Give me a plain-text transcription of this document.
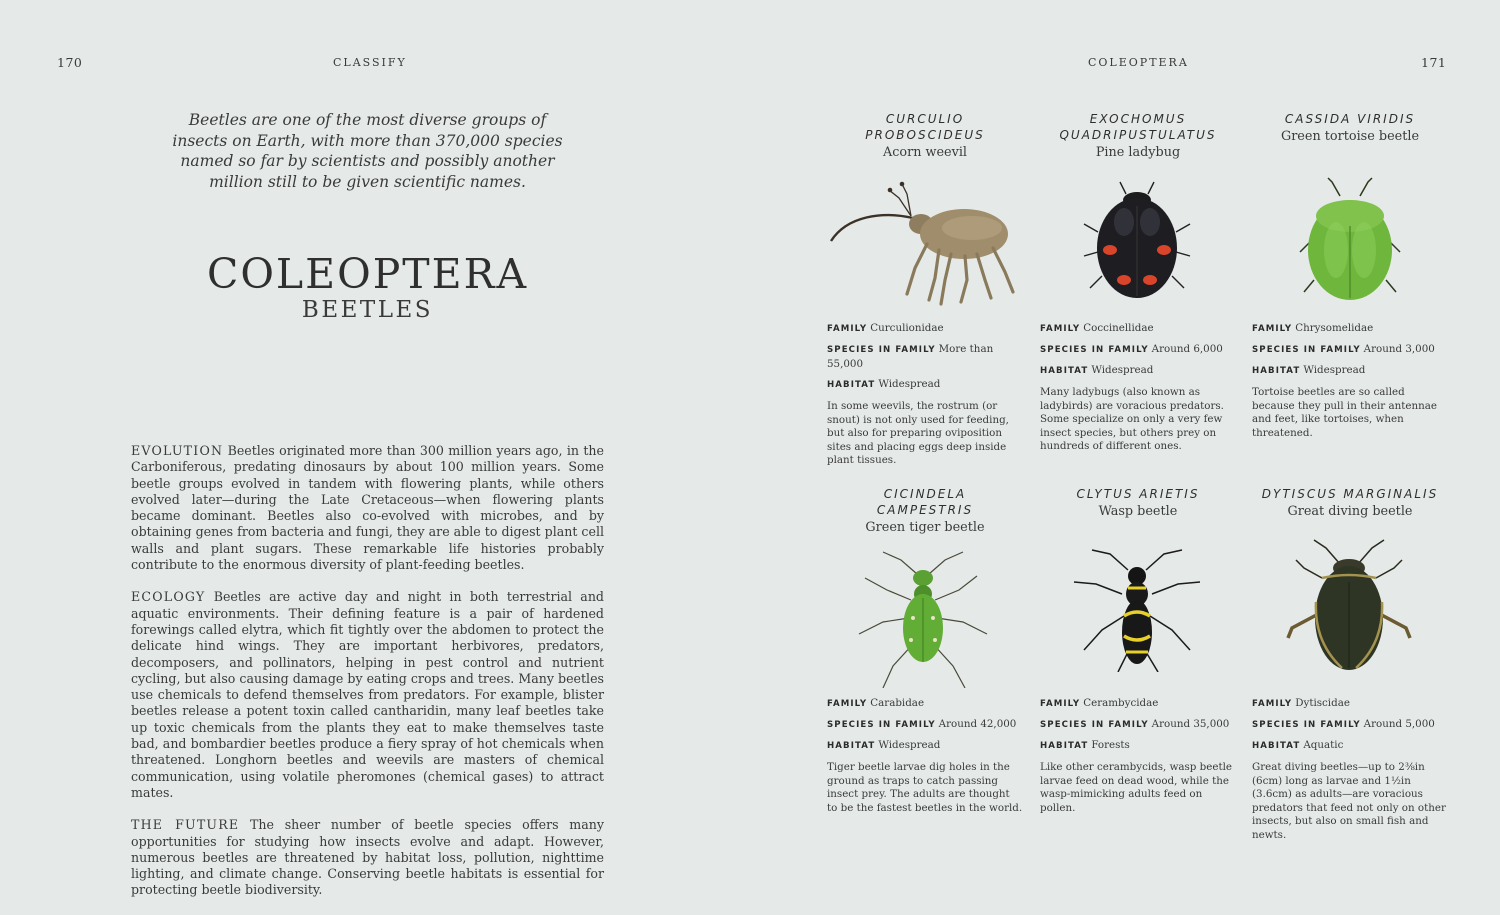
170	CLASSIFY	COLEOPTERA	171
Beetles are one of the most diverse groups of insects on Earth, with more than 370,000 species named so far by scientists and possibly another million still to be given scientific names.
COLEOPTERA
BEETLES

EVOLUTION Beetles originated more than 300 million years ago, in the Carboniferous, predating dinosaurs by about 100 million years. Some beetle groups evolved in tandem with flowering plants, while others evolved later—during the Late Cretaceous—when flowering plants became dominant. Beetles also co-evolved with microbes, and by obtaining genes from bacteria and fungi, they are able to digest plant cell walls and plant sugars. These remarkable life histories probably contribute to the enormous diversity of plant-feeding beetles.

ECOLOGY Beetles are active day and night in both terrestrial and aquatic environments. Their defining feature is a pair of hardened forewings called elytra, which fit tightly over the abdomen to protect the delicate hind wings. They are important herbivores, predators, decomposers, and pollinators, helping in pest control and nutrient cycling, but also causing damage by eating crops and trees. Many beetles use chemicals to defend themselves from predators. For example, blister beetles release a potent toxin called cantharidin, many leaf beetles take up toxic chemicals from the plants they eat to make themselves taste bad, and bombardier beetles produce a fiery spray of hot chemicals when threatened. Longhorn beetles and weevils are masters of chemical communication, using volatile pheromones (chemical gases) to attract mates.

THE FUTURE The sheer number of beetle species offers many opportunities for studying how insects evolve and adapt. However, numerous beetles are threatened by habitat loss, pollution, nighttime lighting, and climate change. Conserving beetle habitats is essential for protecting beetle biodiversity.

CURCULIO
PROBOSCIDEUS
Acorn weevil
FAMILY Curculionidae
SPECIES IN FAMILY More than 55,000
HABITAT Widespread
In some weevils, the rostrum (or snout) is not only used for feeding, but also for preparing oviposition sites and placing eggs deep inside plant tissues.
EXOCHOMUS
QUADRIPUSTULATUS
Pine ladybug
FAMILY Coccinellidae
SPECIES IN FAMILY Around 6,000
HABITAT Widespread
Many ladybugs (also known as ladybirds) are voracious predators. Some specialize on only a very few insect species, but others prey on hundreds of different ones.
CASSIDA VIRIDIS
Green tortoise beetle
FAMILY Chrysomelidae
SPECIES IN FAMILY Around 3,000
HABITAT Widespread
Tortoise beetles are so called because they pull in their antennae and feet, like tortoises, when threatened.
CICINDELA
CAMPESTRIS
Green tiger beetle
FAMILY Carabidae
SPECIES IN FAMILY Around 42,000
HABITAT Widespread
Tiger beetle larvae dig holes in the ground as traps to catch passing insect prey. The adults are thought to be the fastest beetles in the world.
CLYTUS ARIETIS
Wasp beetle
FAMILY Cerambycidae
SPECIES IN FAMILY Around 35,000
HABITAT Forests
Like other cerambycids, wasp beetle larvae feed on dead wood, while the wasp-mimicking adults feed on pollen.
DYTISCUS MARGINALIS
Great diving beetle
FAMILY Dytiscidae
SPECIES IN FAMILY Around 5,000
HABITAT Aquatic
Great diving beetles—up to 2⅜in (6cm) long as larvae and 1½in (3.6cm) as adults—are voracious predators that feed not only on other insects, but also on small fish and newts.
